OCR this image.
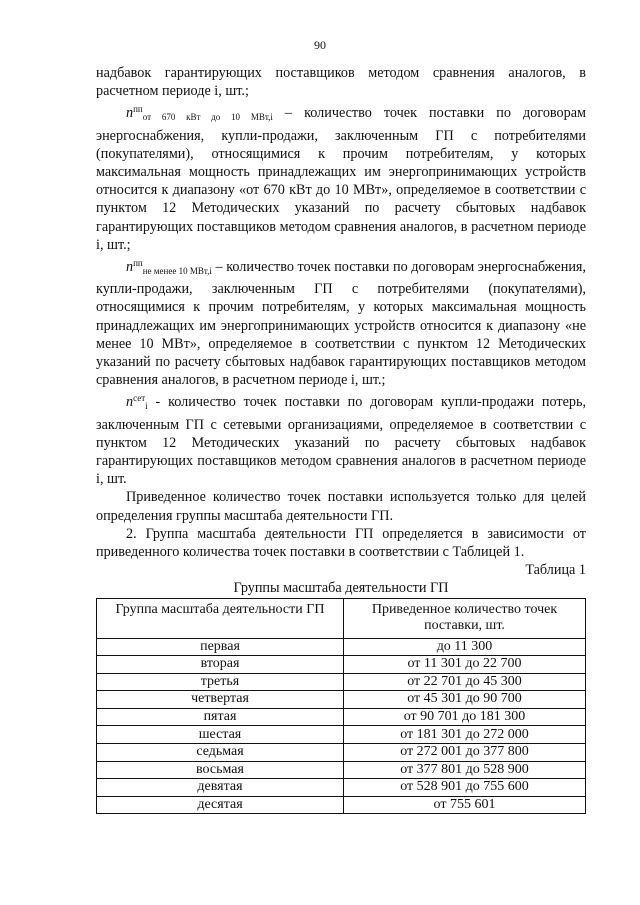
90

надбавок гарантирующих поставщиков методом сравнения аналогов, в расчетном периоде i, шт.;

$n^{пп}_{от 670 кВт до 10 МВт,i}$ – количество точек поставки по договорам энергоснабжения, купли-продажи, заключенным ГП с потребителями (покупателями), относящимися к прочим потребителям, у которых максимальная мощность принадлежащих им энергопринимающих устройств относится к диапазону «от 670 кВт до 10 МВт», определяемое в соответствии с пунктом 12 Методических указаний по расчету сбытовых надбавок гарантирующих поставщиков методом сравнения аналогов, в расчетном периоде i, шт.;

$n^{пп}_{не менее 10 МВт,i}$ – количество точек поставки по договорам энергоснабжения, купли-продажи, заключенным ГП с потребителями (покупателями), относящимися к прочим потребителям, у которых максимальная мощность принадлежащих им энергопринимающих устройств относится к диапазону «не менее 10 МВт», определяемое в соответствии с пунктом 12 Методических указаний по расчету сбытовых надбавок гарантирующих поставщиков методом сравнения аналогов, в расчетном периоде i, шт.;

$n^{сет}_i$ - количество точек поставки по договорам купли-продажи потерь, заключенным ГП с сетевыми организациями, определяемое в соответствии с пунктом 12 Методических указаний по расчету сбытовых надбавок гарантирующих поставщиков методом сравнения аналогов в расчетном периоде i, шт.

Приведенное количество точек поставки используется только для целей определения группы масштаба деятельности ГП.

2. Группа масштаба деятельности ГП определяется в зависимости от приведенного количества точек поставки в соответствии с Таблицей 1.

Таблица 1

Группы масштаба деятельности ГП

Группа масштаба деятельности ГП	Приведенное количество точек поставки, шт.
первая	до 11 300
вторая	от 11 301 до 22 700
третья	от 22 701 до 45 300
четвертая	от 45 301 до 90 700
пятая	от 90 701 до 181 300
шестая	от 181 301 до 272 000
седьмая	от 272 001 до 377 800
восьмая	от 377 801 до 528 900
девятая	от 528 901 до 755 600
десятая	от 755 601
